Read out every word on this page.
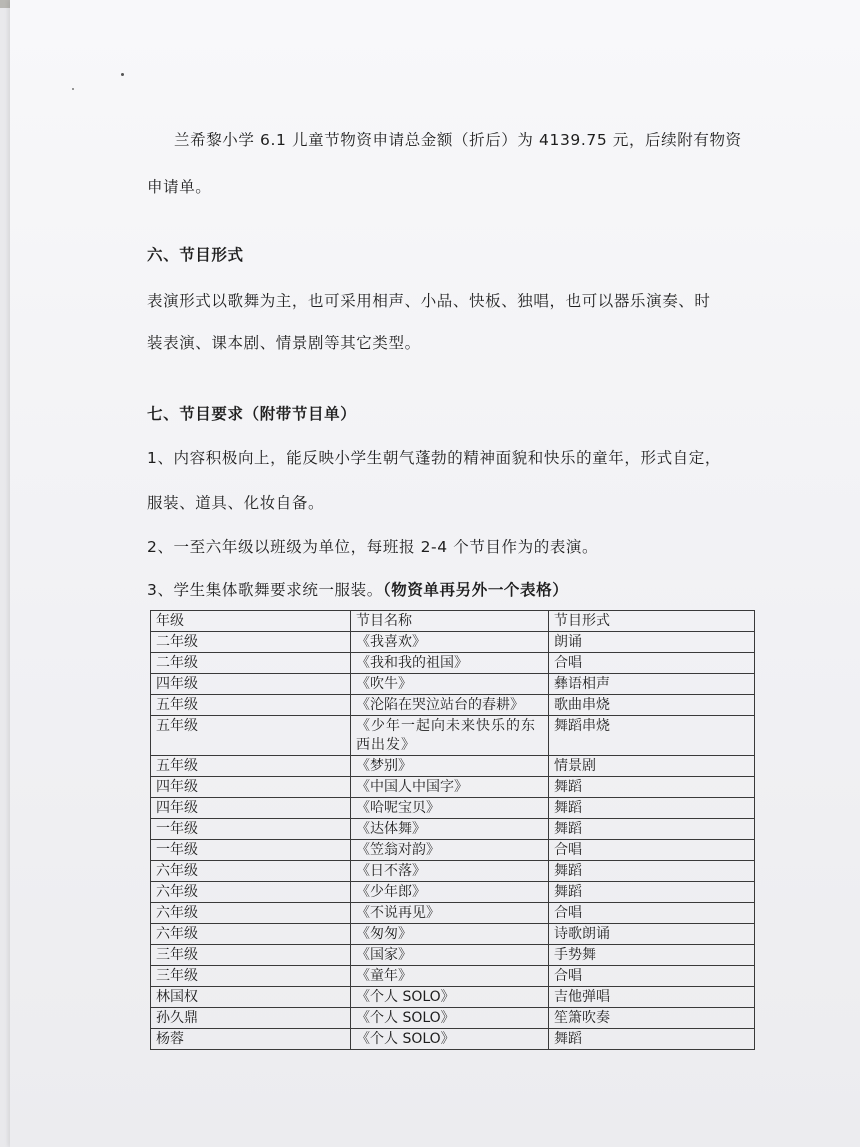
兰希黎小学 6.1 儿童节物资申请总金额（折后）为 4139.75 元，后续附有物资
申请单。
六、节目形式
表演形式以歌舞为主，也可采用相声、小品、快板、独唱，也可以器乐演奏、时
装表演、课本剧、情景剧等其它类型。
七、节目要求（附带节目单）
1、内容积极向上，能反映小学生朝气蓬勃的精神面貌和快乐的童年，形式自定，
服装、道具、化妆自备。
2、一至六年级以班级为单位，每班报 2-4 个节目作为的表演。
3、学生集体歌舞要求统一服装。（物资单再另外一个表格）
年级	节目名称	节目形式
二年级	《我喜欢》	朗诵
二年级	《我和我的祖国》	合唱
四年级	《吹牛》	彝语相声
五年级	《沦陷在哭泣站台的春耕》	歌曲串烧
五年级	《少年一起向未来快乐的东西出发》	舞蹈串烧
五年级	《梦别》	情景剧
四年级	《中国人中国字》	舞蹈
四年级	《哈呢宝贝》	舞蹈
一年级	《达体舞》	舞蹈
一年级	《笠翁对韵》	合唱
六年级	《日不落》	舞蹈
六年级	《少年郎》	舞蹈
六年级	《不说再见》	合唱
六年级	《匆匆》	诗歌朗诵
三年级	《国家》	手势舞
三年级	《童年》	合唱
林国权	《个人 SOLO》	吉他弹唱
孙久鼎	《个人 SOLO》	笙箫吹奏
杨蓉	《个人 SOLO》	舞蹈
